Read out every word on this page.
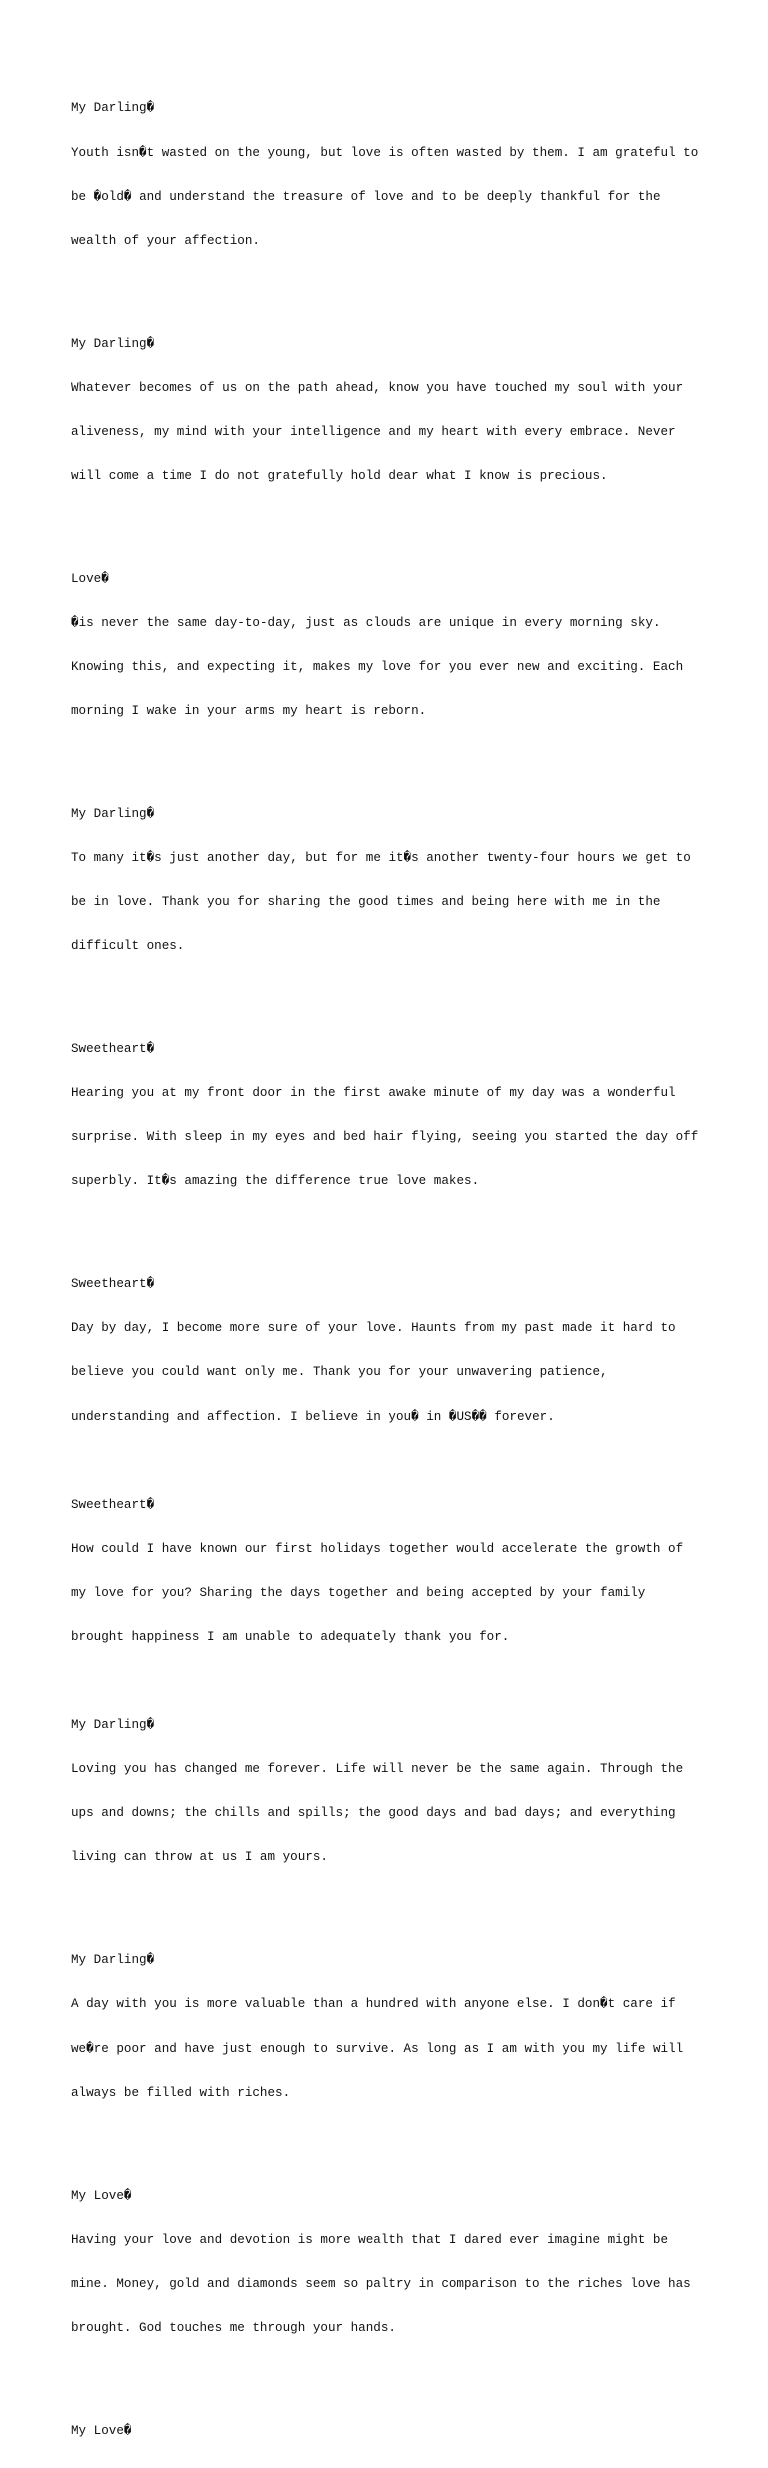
My Darling�

Youth isn�t wasted on the young, but love is often wasted by them. I am grateful to

be �old� and understand the treasure of love and to be deeply thankful for the

wealth of your affection.

My Darling�

Whatever becomes of us on the path ahead, know you have touched my soul with your

aliveness, my mind with your intelligence and my heart with every embrace. Never

will come a time I do not gratefully hold dear what I know is precious.

Love�

�is never the same day-to-day, just as clouds are unique in every morning sky.

Knowing this, and expecting it, makes my love for you ever new and exciting. Each

morning I wake in your arms my heart is reborn.

My Darling�

To many it�s just another day, but for me it�s another twenty-four hours we get to

be in love. Thank you for sharing the good times and being here with me in the

difficult ones.

Sweetheart�

Hearing you at my front door in the first awake minute of my day was a wonderful

surprise. With sleep in my eyes and bed hair flying, seeing you started the day off

superbly. It�s amazing the difference true love makes.

Sweetheart�

Day by day, I become more sure of your love. Haunts from my past made it hard to

believe you could want only me. Thank you for your unwavering patience,

understanding and affection. I believe in you� in �US�� forever.

Sweetheart�

How could I have known our first holidays together would accelerate the growth of

my love for you? Sharing the days together and being accepted by your family

brought happiness I am unable to adequately thank you for.

My Darling�

Loving you has changed me forever. Life will never be the same again. Through the

ups and downs; the chills and spills; the good days and bad days; and everything

living can throw at us I am yours.

My Darling�

A day with you is more valuable than a hundred with anyone else. I don�t care if

we�re poor and have just enough to survive. As long as I am with you my life will

always be filled with riches.

My Love�

Having your love and devotion is more wealth that I dared ever imagine might be

mine. Money, gold and diamonds seem so paltry in comparison to the riches love has

brought. God touches me through your hands.

My Love�
